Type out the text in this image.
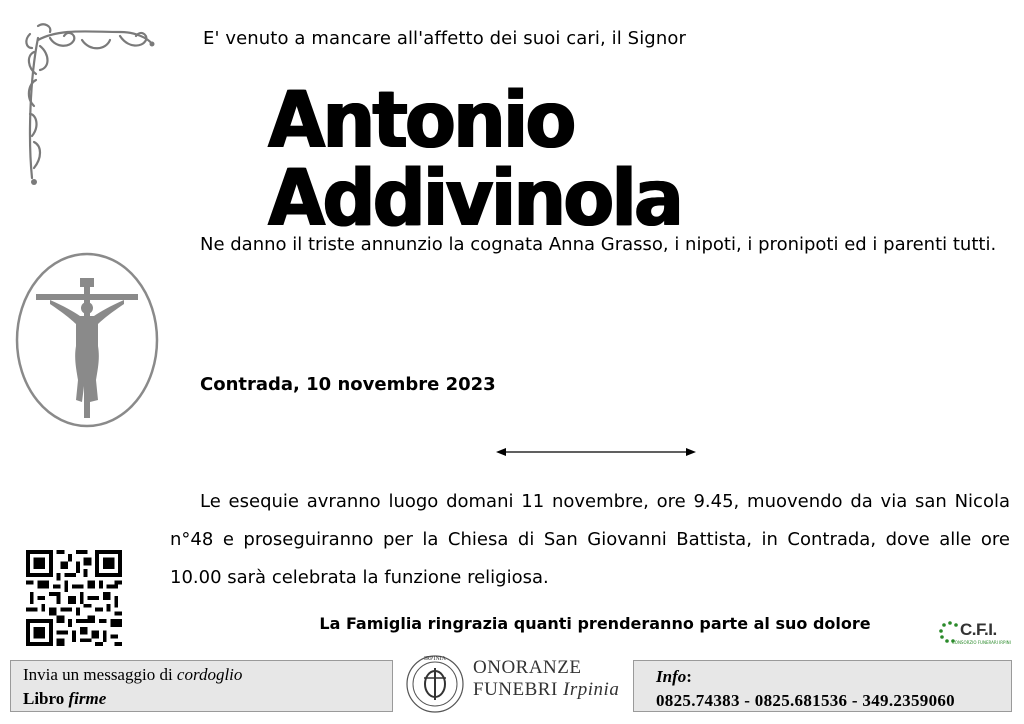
E' venuto a mancare all'affetto dei suoi cari, il Signor
Antonio Addivinola
Ne danno il triste annunzio la cognata Anna Grasso, i nipoti, i pronipoti ed i parenti tutti.
Contrada, 10 novembre 2023
Le esequie avranno luogo domani 11 novembre, ore 9.45, muovendo da via san Nicola n°48 e proseguiranno per la Chiesa di San Giovanni Battista, in Contrada, dove alle ore 10.00 sarà celebrata la funzione religiosa.
La Famiglia ringrazia quanti prenderanno parte al suo dolore	C.F.I.
CONSORZIO FUNERARI IRPINI
Invia un messaggio di cordoglio
Libro firme
IRPINIA ONORANZE
FUNEBRI Irpinia
Info:
0825.74383 - 0825.681536 - 349.2359060
